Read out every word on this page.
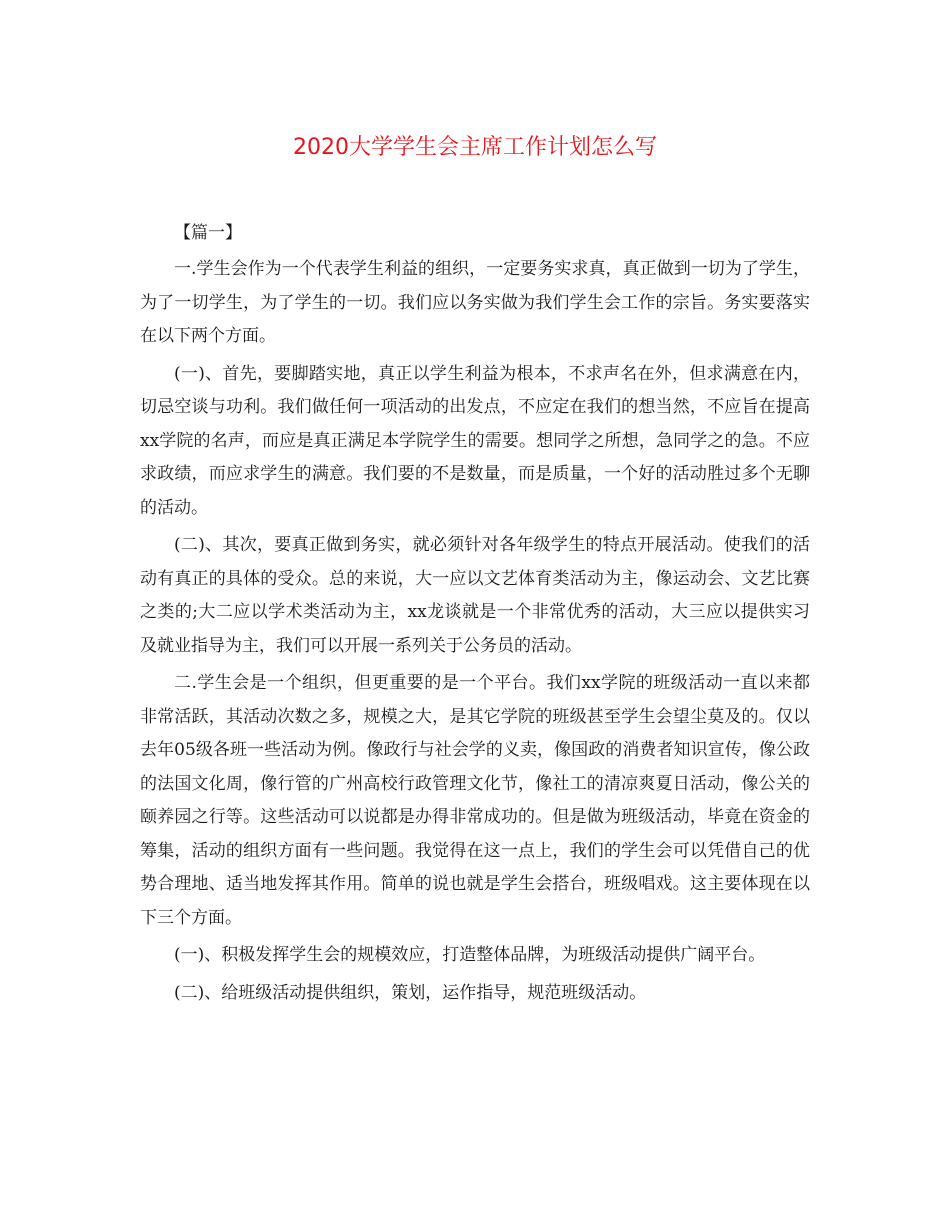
2020大学学生会主席工作计划怎么写
【篇一】

一.学生会作为一个代表学生利益的组织，一定要务实求真，真正做到一切为了学生，为了一切学生，为了学生的一切。我们应以务实做为我们学生会工作的宗旨。务实要落实在以下两个方面。

(一)、首先，要脚踏实地，真正以学生利益为根本，不求声名在外，但求满意在内，切忌空谈与功利。我们做任何一项活动的出发点，不应定在我们的想当然，不应旨在提高xx学院的名声，而应是真正满足本学院学生的需要。想同学之所想，急同学之的急。不应求政绩，而应求学生的满意。我们要的不是数量，而是质量，一个好的活动胜过多个无聊的活动。

(二)、其次，要真正做到务实，就必须针对各年级学生的特点开展活动。使我们的活动有真正的具体的受众。总的来说，大一应以文艺体育类活动为主，像运动会、文艺比赛之类的;大二应以学术类活动为主，xx龙谈就是一个非常优秀的活动，大三应以提供实习及就业指导为主，我们可以开展一系列关于公务员的活动。

二.学生会是一个组织，但更重要的是一个平台。我们xx学院的班级活动一直以来都非常活跃，其活动次数之多，规模之大，是其它学院的班级甚至学生会望尘莫及的。仅以去年05级各班一些活动为例。像政行与社会学的义卖，像国政的消费者知识宣传，像公政的法国文化周，像行管的广州高校行政管理文化节，像社工的清凉爽夏日活动，像公关的颐养园之行等。这些活动可以说都是办得非常成功的。但是做为班级活动，毕竟在资金的筹集，活动的组织方面有一些问题。我觉得在这一点上，我们的学生会可以凭借自己的优势合理地、适当地发挥其作用。简单的说也就是学生会搭台，班级唱戏。这主要体现在以下三个方面。

(一)、积极发挥学生会的规模效应，打造整体品牌，为班级活动提供广阔平台。

(二)、给班级活动提供组织，策划，运作指导，规范班级活动。
